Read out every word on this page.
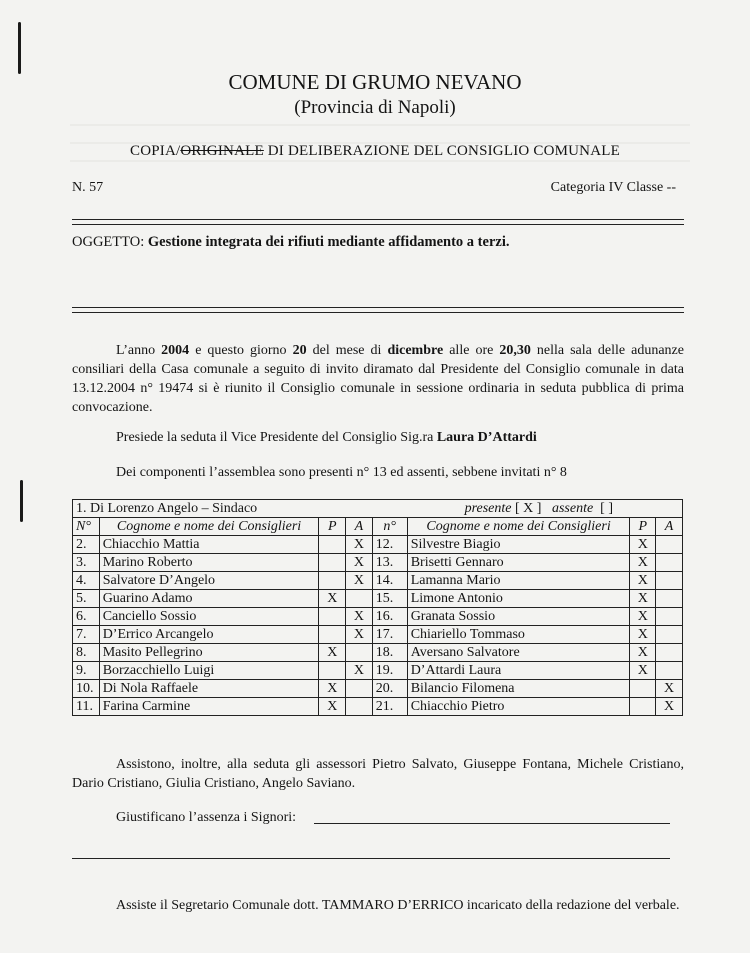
COMUNE DI GRUMO NEVANO
(Provincia di Napoli)
COPIA/ORIGINALE DI DELIBERAZIONE DEL CONSIGLIO COMUNALE
N. 57	Categoria IV Classe --
OGGETTO: Gestione integrata dei rifiuti mediante affidamento a terzi.
L’anno 2004 e questo giorno 20 del mese di dicembre alle ore 20,30 nella sala delle adunanze consiliari della Casa comunale a seguito di invito diramato dal Presidente del Consiglio comunale in data 13.12.2004 n° 19474 si è riunito il Consiglio comunale in sessione ordinaria in seduta pubblica di prima convocazione.
Presiede la seduta il Vice Presidente del Consiglio Sig.ra Laura D’Attardi
Dei componenti l’assemblea sono presenti n° 13 ed assenti, sebbene invitati n° 8
1. Di Lorenzo Angelo – Sindaco presente [ X ] assente [ ]							

N°	Cognome e nome dei Consiglieri	P	A	n°	Cognome e nome dei Consiglieri	P	A
2.	Chiacchio Mattia		X	12.	Silvestre Biagio	X	
3.	Marino Roberto		X	13.	Brisetti Gennaro	X	
4.	Salvatore D’Angelo		X	14.	Lamanna Mario	X	
5.	Guarino Adamo	X		15.	Limone Antonio	X	
6.	Canciello Sossio		X	16.	Granata Sossio	X	
7.	D’Errico Arcangelo		X	17.	Chiariello Tommaso	X	
8.	Masito Pellegrino	X		18.	Aversano Salvatore	X	
9.	Borzacchiello Luigi		X	19.	D’Attardi Laura	X	
10.	Di Nola Raffaele	X		20.	Bilancio Filomena		X
11.	Farina Carmine	X		21.	Chiacchio Pietro		X
Assistono, inoltre, alla seduta gli assessori Pietro Salvato, Giuseppe Fontana, Michele Cristiano, Dario Cristiano, Giulia Cristiano, Angelo Saviano.
Giustificano l’assenza i Signori:
Assiste il Segretario Comunale dott. TAMMARO D’ERRICO incaricato della redazione del verbale.
